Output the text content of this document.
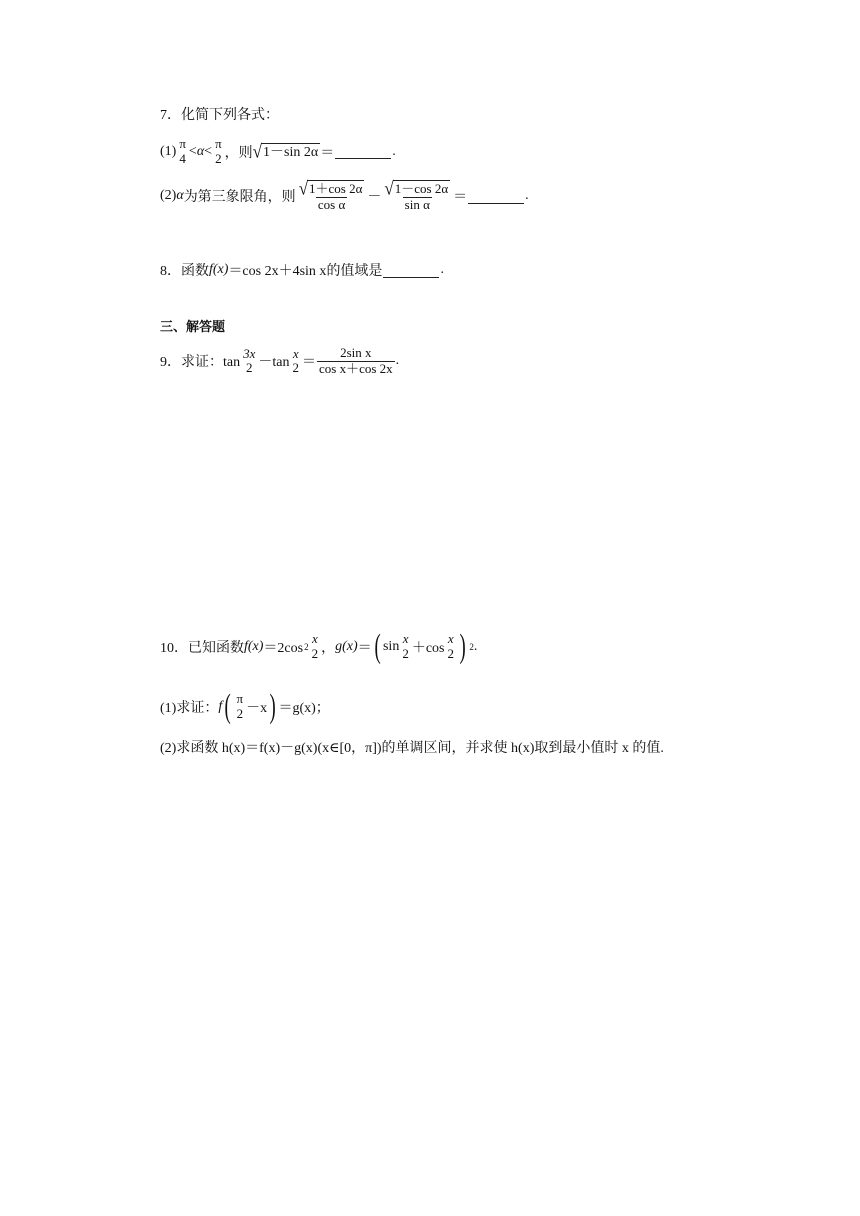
7．化简下列各式：
(1)
π
4 < α <
π
2 ，则 √ 1－sin 2α ＝	.
(2) α 为第三象限角，则 $\frac{√ 1+\cos 2\alpha}{\text{cos α}} - \frac{√ 1-\cos 2\alpha}{\text{sin α}}$ ＝	.
8．函数 f(x) ＝cos 2x＋4sin x 的值域是	.
三、解答题
9．求证：tan
3x
2 －tan
x
$2 = \frac{\text{2sin x}}{\text{cos x＋cos 2x}}$ .
10．已知函数 f(x) ＝2cos 2
x
2 ， g(x) ＝ ( sin
x
2 ＋cos
x
2 ) 2 .
(1)求证： f ( π
2 －x ) ＝g(x)；
(2)求函数 h(x)＝f(x)－g(x)(x∈[0，π])的单调区间，并求使 h(x)取到最小值时 x 的值.
